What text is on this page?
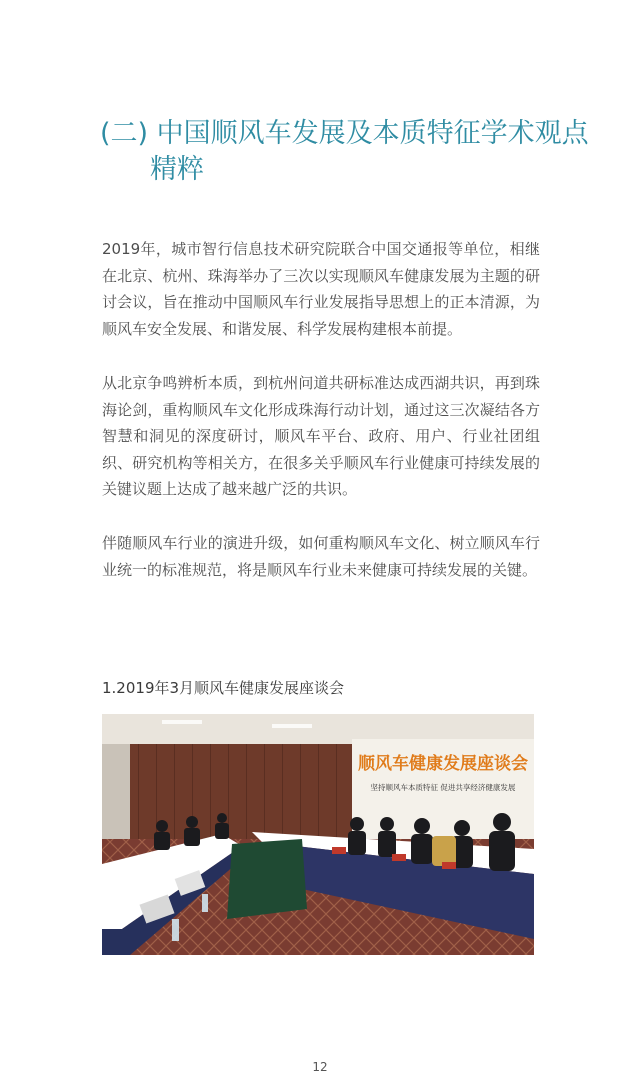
(二) 中国顺风车发展及本质特征学术观点精粹

2019年，城市智行信息技术研究院联合中国交通报等单位，相继在北京、杭州、珠海举办了三次以实现顺风车健康发展为主题的研讨会议，旨在推动中国顺风车行业发展指导思想上的正本清源，为顺风车安全发展、和谐发展、科学发展构建根本前提。

从北京争鸣辨析本质，到杭州问道共研标准达成西湖共识，再到珠海论剑，重构顺风车文化形成珠海行动计划，通过这三次凝结各方智慧和洞见的深度研讨，顺风车平台、政府、用户、行业社团组织、研究机构等相关方，在很多关乎顺风车行业健康可持续发展的关键议题上达成了越来越广泛的共识。

伴随顺风车行业的演进升级，如何重构顺风车文化、树立顺风车行业统一的标准规范，将是顺风车行业未来健康可持续发展的关键。

1.2019年3月顺风车健康发展座谈会
顺风车健康发展座谈会
坚持顺风车本质特征 促进共享经济健康发展
12
